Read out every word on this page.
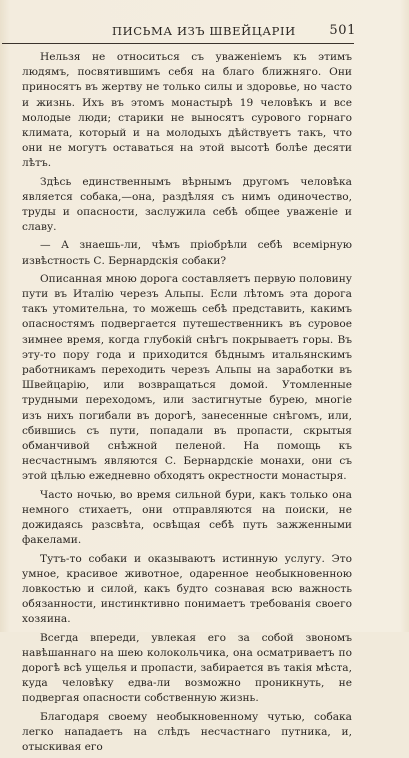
ПИСЬМА ИЗЪ ШВЕЙЦАРІИ	501

Нельзя не относиться съ уваженіемъ къ этимъ людямъ, посвятившимъ себя на благо ближняго. Они приносятъ въ жертву не только силы и здоровье, но часто и жизнь. Ихъ въ этомъ монастырѣ 19 человѣкъ и все молодые люди; старики не выносятъ сурового горнаго климата, который и на молодыхъ дѣйствуетъ такъ, что они не могутъ оставаться на этой высотѣ болѣе десяти лѣтъ.

Здѣсь единственнымъ вѣрнымъ другомъ человѣка является собака,—она, раздѣляя съ нимъ одиночество, труды и опасности, заслужила себѣ общее уваженіе и славу.

— А знаешь-ли, чѣмъ пріобрѣли себѣ всемірную извѣстность С. Бернардскія собаки?

Описанная мною дорога составляетъ первую половину пути въ Италію черезъ Альпы. Если лѣтомъ эта дорога такъ утомительна, то можешь себѣ представить, какимъ опасностямъ подвергается путешественникъ въ суровое зимнее время, когда глубокій снѣгъ покрываетъ горы. Въ эту-то пору года и приходится бѣднымъ итальянскимъ работникамъ переходить черезъ Альпы на заработки въ Швейцарію, или возвращаться домой. Утомленные трудными переходомъ, или застигнутые бурею, многіе изъ нихъ погибали въ дорогѣ, занесенные снѣгомъ, или, сбившись съ пути, попадали въ пропасти, скрытыя обманчивой снѣжной пеленой. На помощь къ несчастнымъ являются С. Бернардскіе монахи, они съ этой цѣлью ежедневно обходятъ окрестности монастыря.

Часто ночью, во время сильной бури, какъ только она немного стихаетъ, они отправляются на поиски, не дожидаясь разсвѣта, освѣщая себѣ путь зажженными факелами.

Тутъ-то собаки и оказываютъ истинную услугу. Это умное, красивое животное, одаренное необыкновенною ловкостью и силой, какъ будто сознавая всю важность обязанности, инстинктивно понимаетъ требованія своего хозяина.

Всегда впереди, увлекая его за собой звономъ навѣшаннаго на шею колокольчика, она осматриваетъ по дорогѣ всѣ ущелья и пропасти, забирается въ такія мѣста, куда человѣку едва-ли возможно проникнуть, не подвергая опасности собственную жизнь.

Благодаря своему необыкновенному чутью, собака легко нападаетъ на слѣдъ несчастнаго путника, и, отыскивая его
